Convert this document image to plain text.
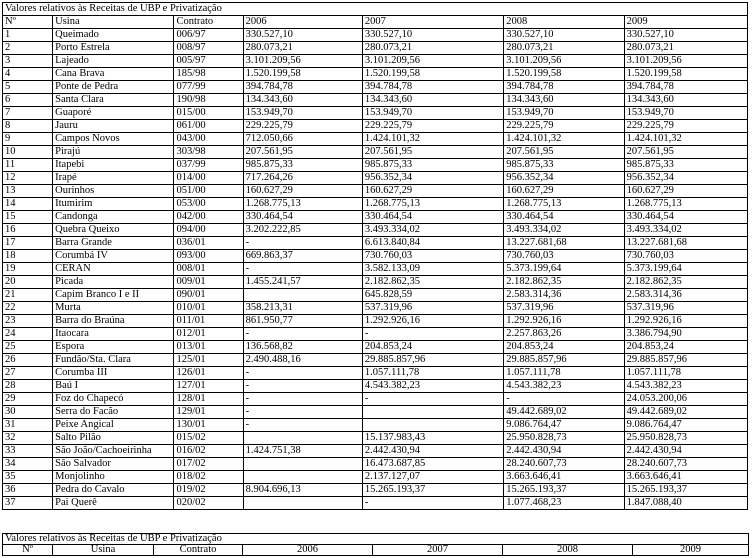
Valores relativos às Receitas de UBP e Privatização						
Nº	Usina	Contrato	2006	2007	2008	2009
1	Queimado	006/97	330.527,10	330.527,10	330.527,10	330.527,10
2	Porto Estrela	008/97	280.073,21	280.073,21	280.073,21	280.073,21
3	Lajeado	005/97	3.101.209,56	3.101.209,56	3.101.209,56	3.101.209,56
4	Cana Brava	185/98	1.520.199,58	1.520.199,58	1.520.199,58	1.520.199,58
5	Ponte de Pedra	077/99	394.784,78	394.784,78	394.784,78	394.784,78
6	Santa Clara	190/98	134.343,60	134.343,60	134.343,60	134.343,60
7	Guaporé	015/00	153.949,70	153.949,70	153.949,70	153.949,70
8	Jauru	061/00	229.225,79	229.225,79	229.225,79	229.225,79
9	Campos Novos	043/00	712.050,66	1.424.101,32	1.424.101,32	1.424.101,32
10	Pirajú	303/98	207.561,95	207.561,95	207.561,95	207.561,95
11	Itapebi	037/99	985.875,33	985.875,33	985.875,33	985.875,33
12	Irapé	014/00	717.264,26	956.352,34	956.352,34	956.352,34
13	Ourinhos	051/00	160.627,29	160.627,29	160.627,29	160.627,29
14	Itumirim	053/00	1.268.775,13	1.268.775,13	1.268.775,13	1.268.775,13
15	Candonga	042/00	330.464,54	330.464,54	330.464,54	330.464,54
16	Quebra Queixo	094/00	3.202.222,85	3.493.334,02	3.493.334,02	3.493.334,02
17	Barra Grande	036/01	-	6.613.840,84	13.227.681,68	13.227.681,68
18	Corumbá IV	093/00	669.863,37	730.760,03	730.760,03	730.760,03
19	CERAN	008/01	-	3.582.133,09	5.373.199,64	5.373.199,64
20	Picada	009/01	1.455.241,57	2.182.862,35	2.182.862,35	2.182.862,35
21	Capim Branco I e II	090/01		645.828,59	2.583.314,36	2.583.314,36
22	Murta	010/01	358.213,31	537.319,96	537.319,96	537.319,96
23	Barra do Braúna	011/01	861.950,77	1.292.926,16	1.292.926,16	1.292.926,16
24	Itaocara	012/01	-	-	2.257.863,26	3.386.794,90
25	Espora	013/01	136.568,82	204.853,24	204.853,24	204.853,24
26	Fundão/Sta. Clara	125/01	2.490.488,16	29.885.857,96	29.885.857,96	29.885.857,96
27	Corumba III	126/01	-	1.057.111,78	1.057.111,78	1.057.111,78
28	Baú I	127/01	-	4.543.382,23	4.543.382,23	4.543.382,23
29	Foz do Chapecó	128/01	-	-	-	24.053.200,06
30	Serra do Facão	129/01	-		49.442.689,02	49.442.689,02
31	Peixe Angical	130/01	-		9.086.764,47	9.086.764,47
32	Salto Pilão	015/02		15.137.983,43	25.950.828,73	25.950.828,73
33	São João/Cachoeirinha	016/02	1.424.751,38	2.442.430,94	2.442.430,94	2.442.430,94
34	São Salvador	017/02		16.473.687,85	28.240.607,73	28.240.607,73
35	Monjolinho	018/02		2.137.127,07	3.663.646,41	3.663.646,41
36	Pedra do Cavalo	019/02	8.904.696,13	15.265.193,37	15.265.193,37	15.265.193,37
37	Pai Querê	020/02		-	1.077.468,23	1.847.088,40
Valores relativos às Receitas de UBP e Privatização
Nº	Usina	Contrato	2006	2007	2008	2009
